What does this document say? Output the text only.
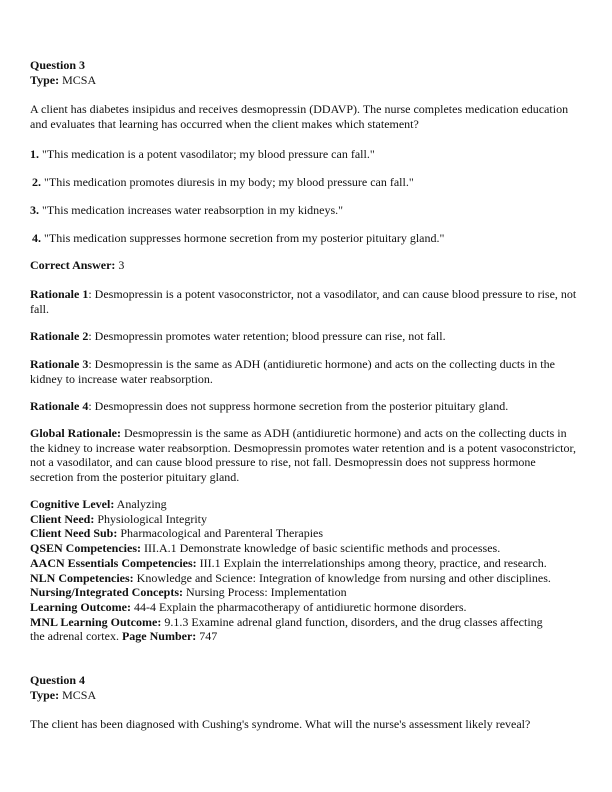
Question 3
Type: MCSA
A client has diabetes insipidus and receives desmopressin (DDAVP). The nurse completes medication education and evaluates that learning has occurred when the client makes which statement?
1. "This medication is a potent vasodilator; my blood pressure can fall."
2. "This medication promotes diuresis in my body; my blood pressure can fall."
3. "This medication increases water reabsorption in my kidneys."
4. "This medication suppresses hormone secretion from my posterior pituitary gland."
Correct Answer: 3
Rationale 1: Desmopressin is a potent vasoconstrictor, not a vasodilator, and can cause blood pressure to rise, not fall.
Rationale 2: Desmopressin promotes water retention; blood pressure can rise, not fall.
Rationale 3: Desmopressin is the same as ADH (antidiuretic hormone) and acts on the collecting ducts in the kidney to increase water reabsorption.
Rationale 4: Desmopressin does not suppress hormone secretion from the posterior pituitary gland.
Global Rationale: Desmopressin is the same as ADH (antidiuretic hormone) and acts on the collecting ducts in the kidney to increase water reabsorption. Desmopressin promotes water retention and is a potent vasoconstrictor, not a vasodilator, and can cause blood pressure to rise, not fall. Desmopressin does not suppress hormone secretion from the posterior pituitary gland.
Cognitive Level: Analyzing
Client Need: Physiological Integrity
Client Need Sub: Pharmacological and Parenteral Therapies
QSEN Competencies: III.A.1 Demonstrate knowledge of basic scientific methods and processes.
AACN Essentials Competencies: III.1 Explain the interrelationships among theory, practice, and research.
NLN Competencies: Knowledge and Science: Integration of knowledge from nursing and other disciplines.
Nursing/Integrated Concepts: Nursing Process: Implementation
Learning Outcome: 44-4 Explain the pharmacotherapy of antidiuretic hormone disorders.
MNL Learning Outcome: 9.1.3 Examine adrenal gland function, disorders, and the drug classes affecting the adrenal cortex. Page Number: 747
Question 4
Type: MCSA
The client has been diagnosed with Cushing's syndrome. What will the nurse's assessment likely reveal?
